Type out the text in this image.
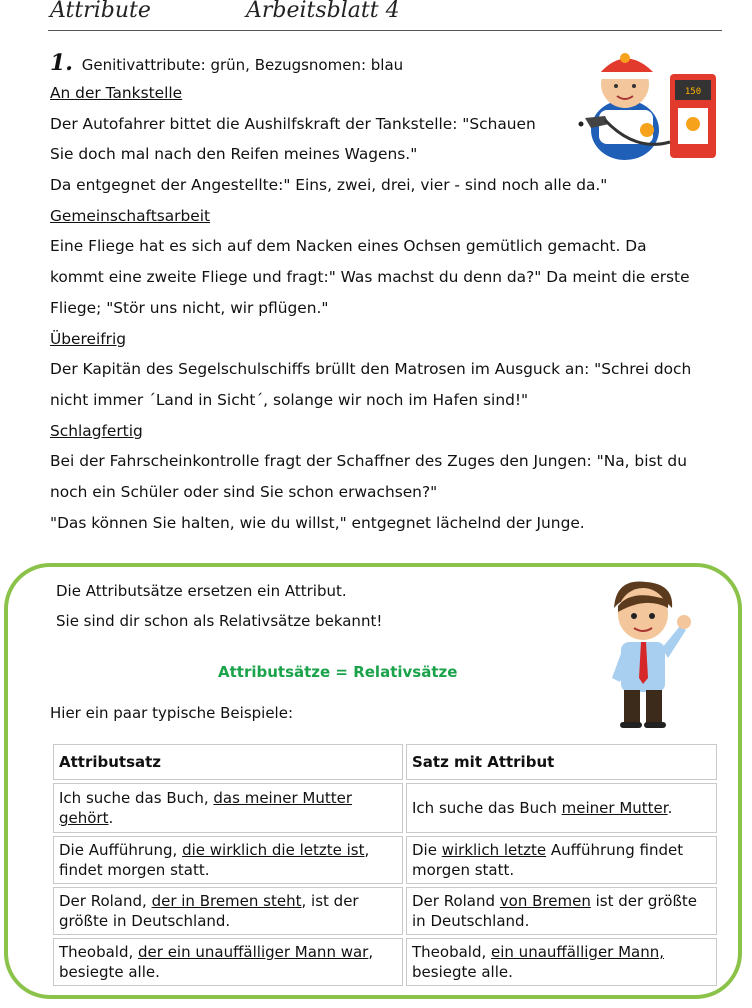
Attribute	Arbeitsblatt 4
1. Genitivattribute: grün, Bezugsnomen: blau
An der Tankstelle
Der Autofahrer bittet die Aushilfskraft der Tankstelle: "Schauen
Sie doch mal nach den Reifen meines Wagens."
Da entgegnet der Angestellte:" Eins, zwei, drei, vier - sind noch alle da."
Gemeinschaftsarbeit
Eine Fliege hat es sich auf dem Nacken eines Ochsen gemütlich gemacht. Da
kommt eine zweite Fliege und fragt:" Was machst du denn da?" Da meint die erste
Fliege; "Stör uns nicht, wir pflügen."
Übereifrig
Der Kapitän des Segelschulschiffs brüllt den Matrosen im Ausguck an: "Schrei doch
nicht immer ´Land in Sicht´, solange wir noch im Hafen sind!"
Schlagfertig
Bei der Fahrscheinkontrolle fragt der Schaffner des Zuges den Jungen: "Na, bist du
noch ein Schüler oder sind Sie schon erwachsen?"
"Das können Sie halten, wie du willst," entgegnet lächelnd der Junge.
150
Die Attributsätze ersetzen ein Attribut.
Sie sind dir schon als Relativsätze bekannt!
Attributsätze = Relativsätze
Hier ein paar typische Beispiele:
Attributsatz	Satz mit Attribut
Ich suche das Buch, das meiner Mutter gehört.	Ich suche das Buch meiner Mutter.
Die Aufführung, die wirklich die letzte ist, findet morgen statt.	Die wirklich letzte Aufführung findet morgen statt.
Der Roland, der in Bremen steht, ist der größte in Deutschland.	Der Roland von Bremen ist der größte in Deutschland.
Theobald, der ein unauffälliger Mann war, besiegte alle.	Theobald, ein unauffälliger Mann, besiegte alle.
